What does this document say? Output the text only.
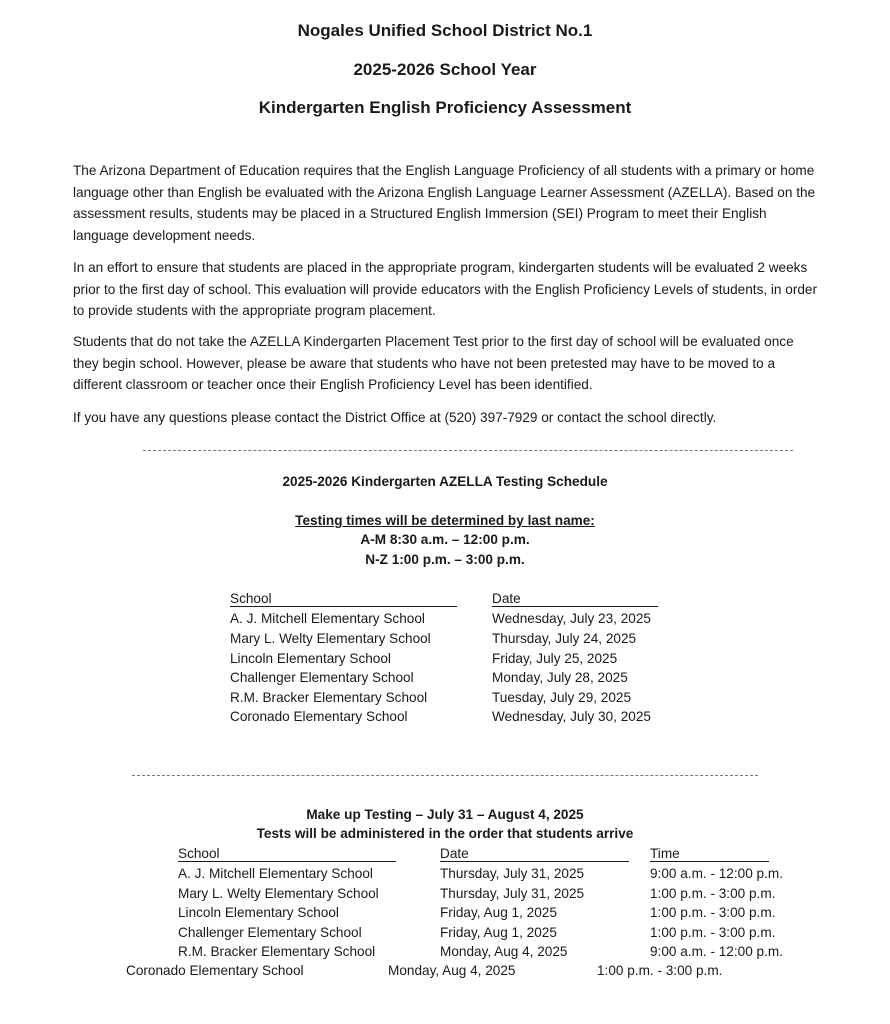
Nogales Unified School District No.1
2025-2026 School Year
Kindergarten English Proficiency Assessment

The Arizona Department of Education requires that the English Language Proficiency of all students with a primary or home language other than English be evaluated with the Arizona English Language Learner Assessment (AZELLA). Based on the assessment results, students may be placed in a Structured English Immersion (SEI) Program to meet their English language development needs.

In an effort to ensure that students are placed in the appropriate program, kindergarten students will be evaluated 2 weeks prior to the first day of school. This evaluation will provide educators with the English Proficiency Levels of students, in order to provide students with the appropriate program placement.

Students that do not take the AZELLA Kindergarten Placement Test prior to the first day of school will be evaluated once they begin school. However, please be aware that students who have not been pretested may have to be moved to a different classroom or teacher once their English Proficiency Level has been identified.

If you have any questions please contact the District Office at (520) 397-7929 or contact the school directly.

2025-2026 Kindergarten AZELLA Testing Schedule
Testing times will be determined by last name:
A-M 8:30 a.m. – 12:00 p.m.
N-Z 1:00 p.m. – 3:00 p.m.
School	Date
A. J. Mitchell Elementary School	Wednesday, July 23, 2025
Mary L. Welty Elementary School	Thursday, July 24, 2025
Lincoln Elementary School	Friday, July 25, 2025
Challenger Elementary School	Monday, July 28, 2025
R.M. Bracker Elementary School	Tuesday, July 29, 2025
Coronado Elementary School	Wednesday, July 30, 2025
Make up Testing – July 31 – August 4, 2025
Tests will be administered in the order that students arrive
School	Date	Time
A. J. Mitchell Elementary School	Thursday, July 31, 2025	9:00 a.m. - 12:00 p.m.
Mary L. Welty Elementary School	Thursday, July 31, 2025	1:00 p.m. - 3:00 p.m.
Lincoln Elementary School	Friday, Aug 1, 2025	1:00 p.m. - 3:00 p.m.
Challenger Elementary School	Friday, Aug 1, 2025	1:00 p.m. - 3:00 p.m.
R.M. Bracker Elementary School	Monday, Aug 4, 2025	9:00 a.m. - 12:00 p.m.
Coronado Elementary School	Monday, Aug 4, 2025	1:00 p.m. - 3:00 p.m.
